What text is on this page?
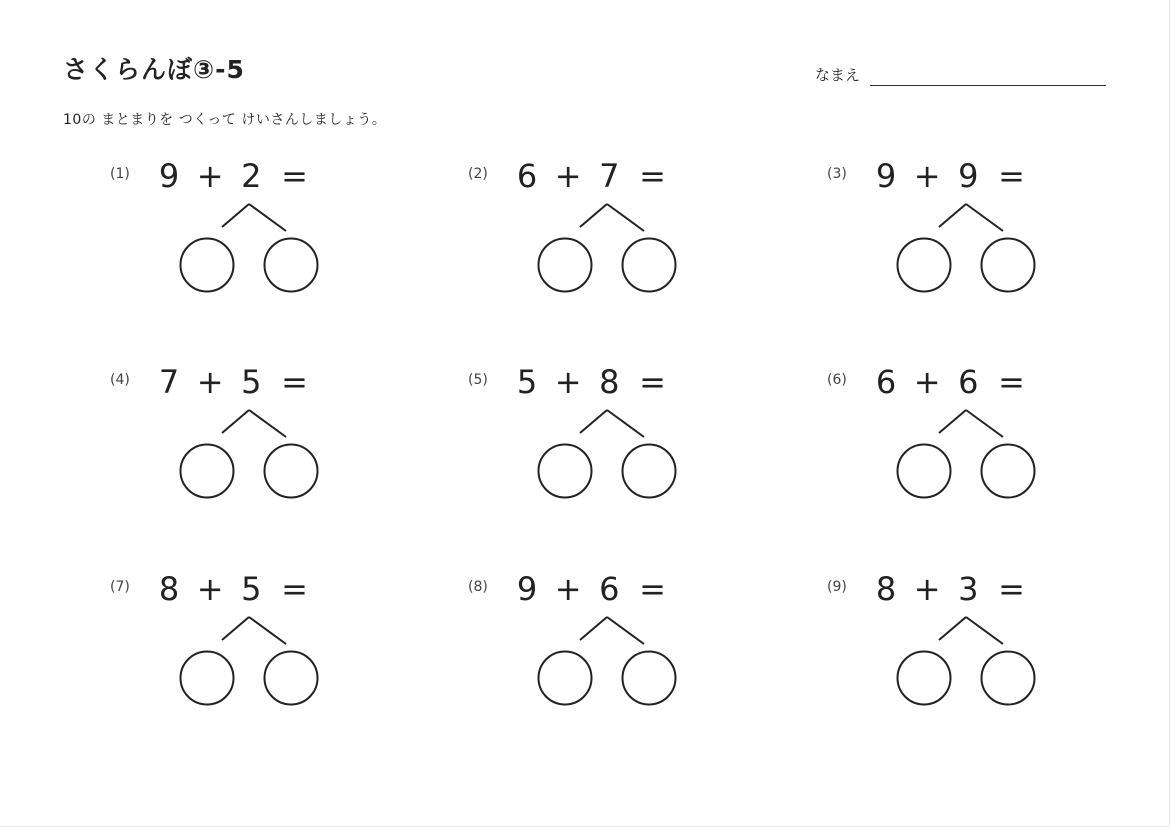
さくらんぼ③-5	なまえ
10の まとまりを つくって けいさんしましょう。
(1) 9 + 2 =	(2) 6 + 7 =	(3) 9 + 9 =
(4) 7 + 5 =	(5) 5 + 8 =	(6) 6 + 6 =
(7) 8 + 5 =	(8) 9 + 6 =	(9) 8 + 3 =
